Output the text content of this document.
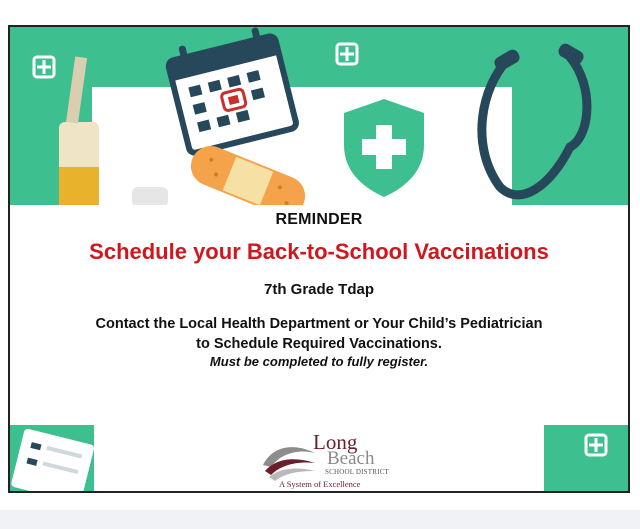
REMINDER
Schedule your Back-to-School Vaccinations
7th Grade Tdap
Contact the Local Health Department or Your Child’s Pediatrician
to Schedule Required Vaccinations.
Must be completed to fully register.
Long
Beach
SCHOOL DISTRICT
A System of Excellence
